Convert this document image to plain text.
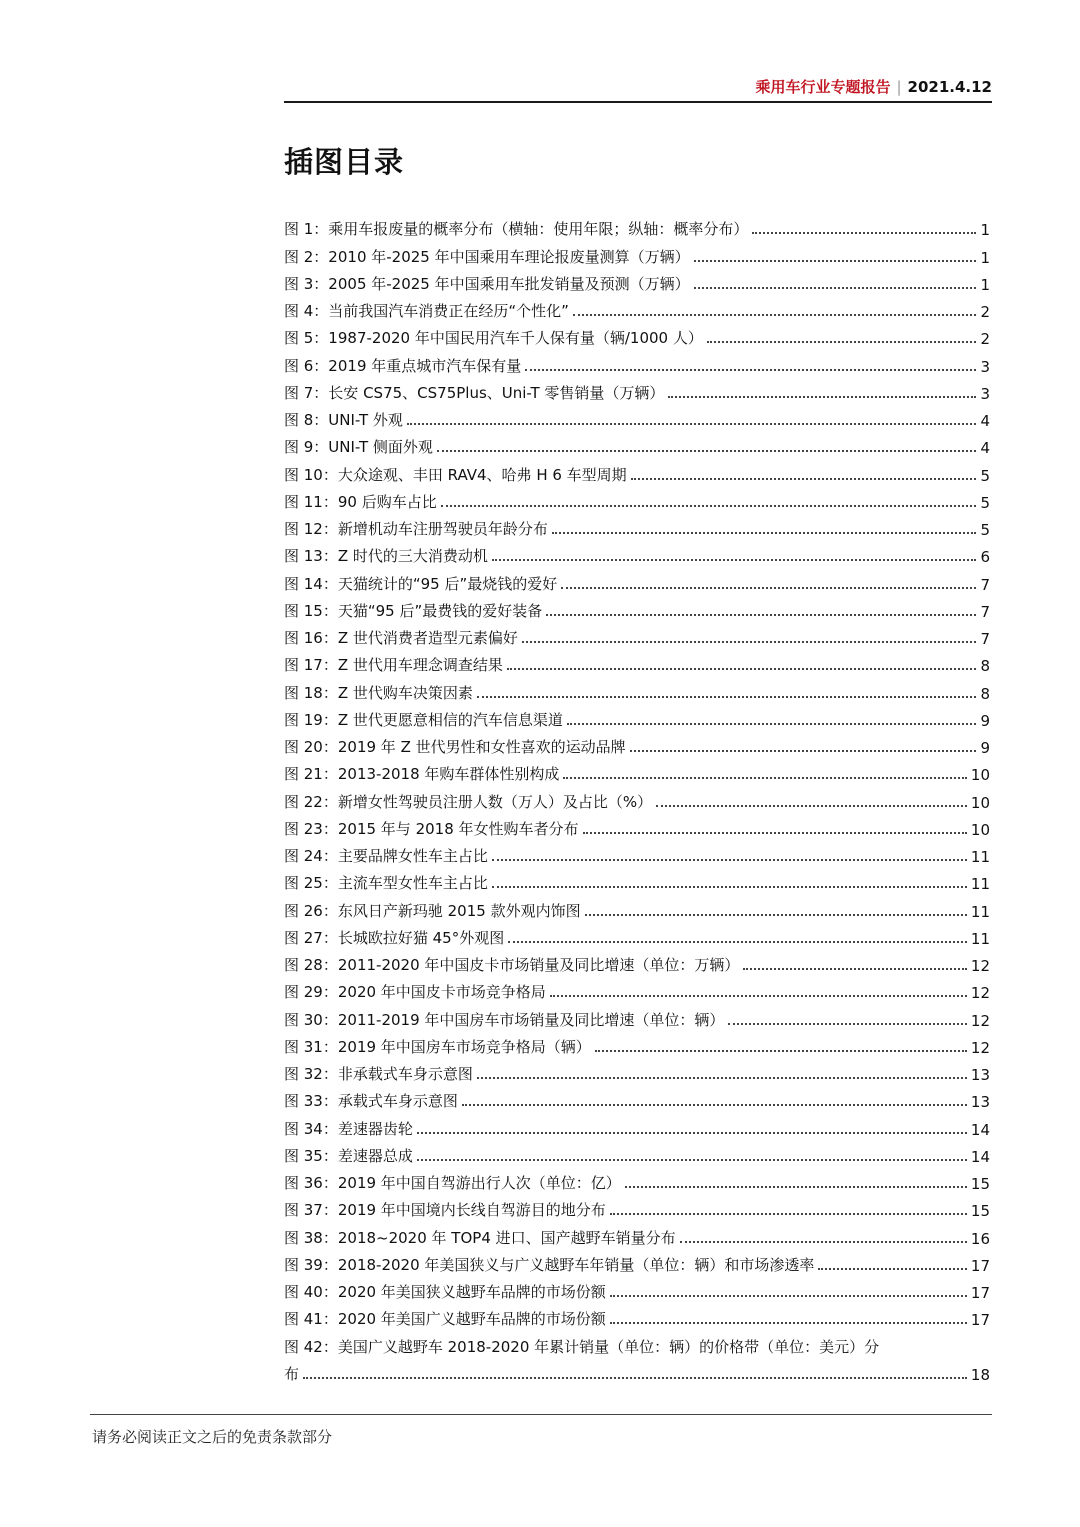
乘用车行业专题报告 | 2021.4.12
插图目录
图 1：乘用车报废量的概率分布（横轴：使用年限；纵轴：概率分布）	1
图 2：2010 年-2025 年中国乘用车理论报废量测算（万辆）	1
图 3：2005 年-2025 年中国乘用车批发销量及预测（万辆）	1
图 4：当前我国汽车消费正在经历“个性化”	2
图 5：1987-2020 年中国民用汽车千人保有量（辆/1000 人）	2
图 6：2019 年重点城市汽车保有量	3
图 7：长安 CS75、CS75Plus、Uni-T 零售销量（万辆）	3
图 8：UNI-T 外观	4
图 9：UNI-T 侧面外观	4
图 10：大众途观、丰田 RAV4、哈弗 H 6 车型周期	5
图 11：90 后购车占比	5
图 12：新增机动车注册驾驶员年龄分布	5
图 13：Z 时代的三大消费动机	6
图 14：天猫统计的“95 后”最烧钱的爱好	7
图 15：天猫“95 后”最费钱的爱好装备	7
图 16：Z 世代消费者造型元素偏好	7
图 17：Z 世代用车理念调查结果	8
图 18：Z 世代购车决策因素	8
图 19：Z 世代更愿意相信的汽车信息渠道	9
图 20：2019 年 Z 世代男性和女性喜欢的运动品牌	9
图 21：2013-2018 年购车群体性别构成	10
图 22：新增女性驾驶员注册人数（万人）及占比（%）	10
图 23：2015 年与 2018 年女性购车者分布	10
图 24：主要品牌女性车主占比	11
图 25：主流车型女性车主占比	11
图 26：东风日产新玛驰 2015 款外观内饰图	11
图 27：长城欧拉好猫 45°外观图	11
图 28：2011-2020 年中国皮卡市场销量及同比增速（单位：万辆）	12
图 29：2020 年中国皮卡市场竞争格局	12
图 30：2011-2019 年中国房车市场销量及同比增速（单位：辆）	12
图 31：2019 年中国房车市场竞争格局（辆）	12
图 32：非承载式车身示意图	13
图 33：承载式车身示意图	13
图 34：差速器齿轮	14
图 35：差速器总成	14
图 36：2019 年中国自驾游出行人次（单位：亿）	15
图 37：2019 年中国境内长线自驾游目的地分布	15
图 38：2018~2020 年 TOP4 进口、国产越野车销量分布	16
图 39：2018-2020 年美国狭义与广义越野车年销量（单位：辆）和市场渗透率	17
图 40：2020 年美国狭义越野车品牌的市场份额	17
图 41：2020 年美国广义越野车品牌的市场份额	17
图 42：美国广义越野车 2018-2020 年累计销量（单位：辆）的价格带（单位：美元）分
布	18
请务必阅读正文之后的免责条款部分
